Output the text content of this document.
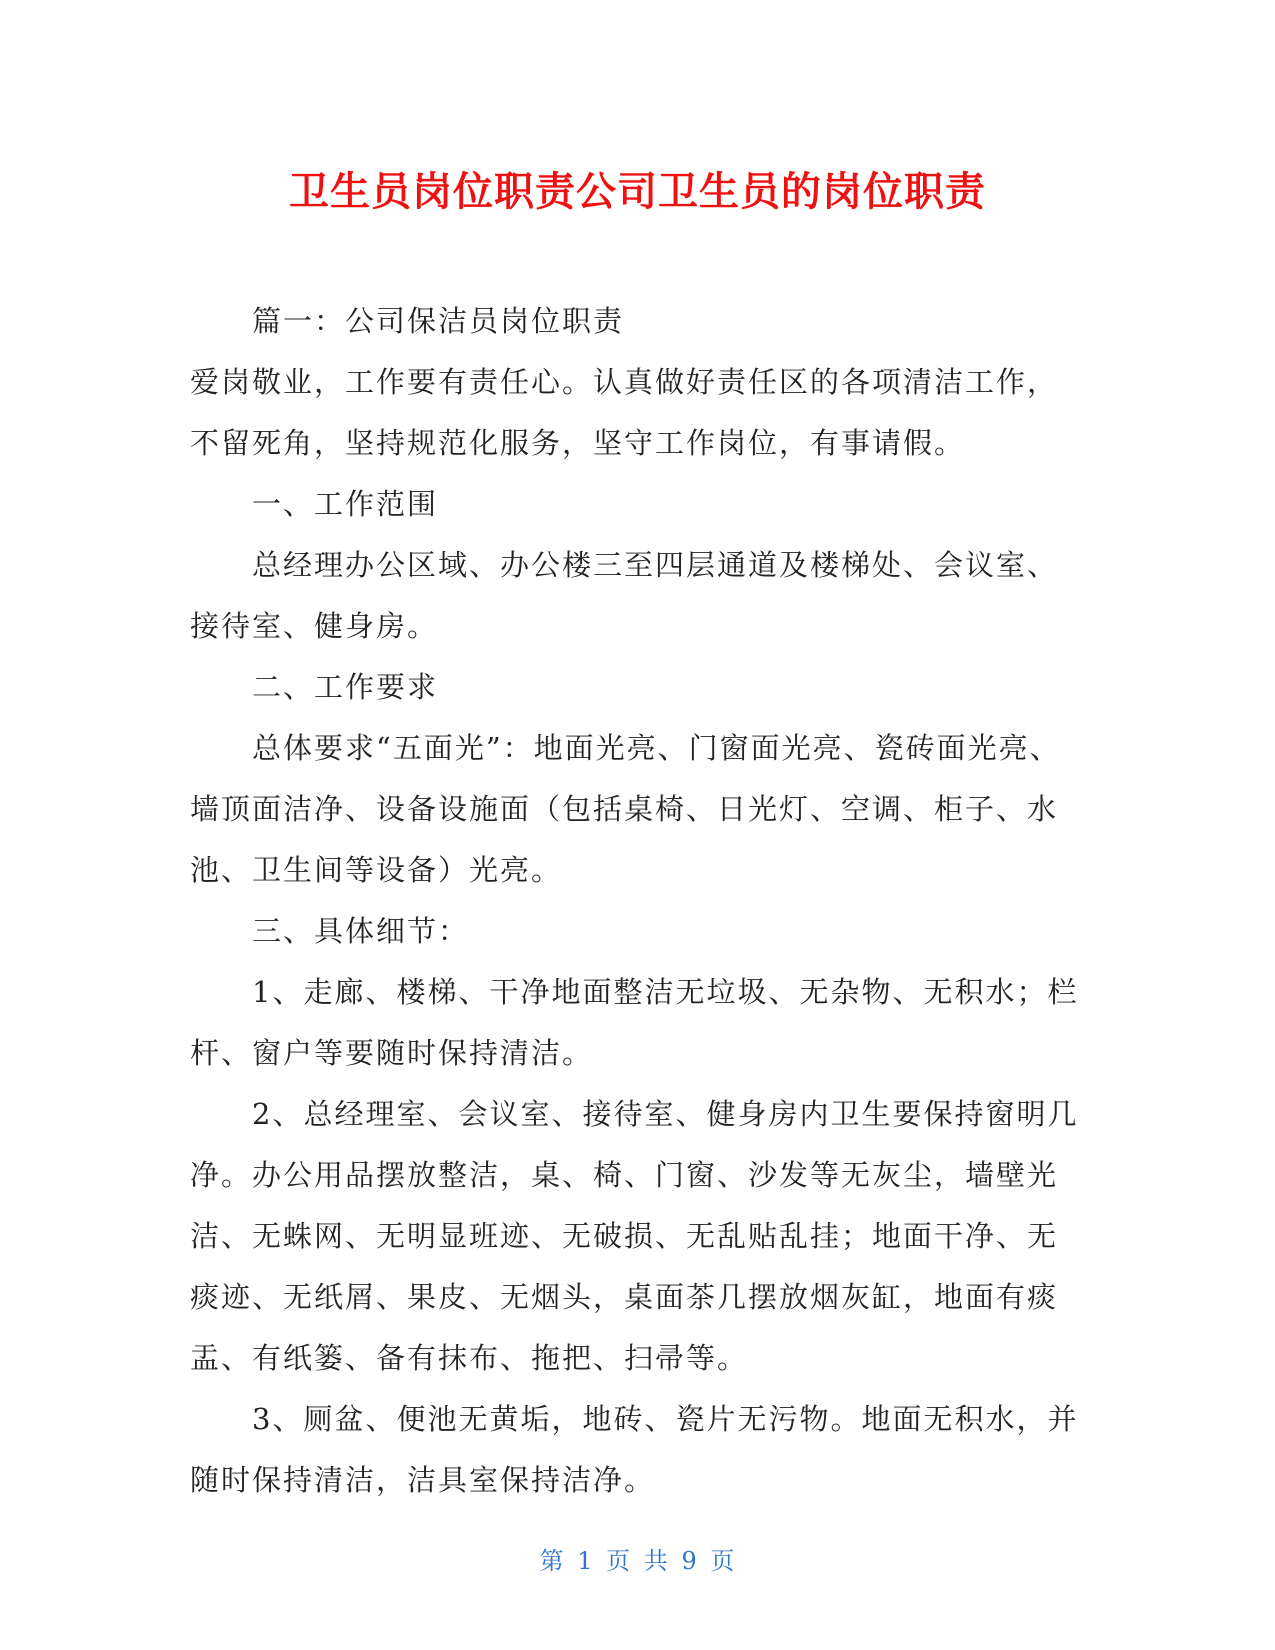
卫生员岗位职责公司卫生员的岗位职责

篇一：公司保洁员岗位职责

爱岗敬业，工作要有责任心。认真做好责任区的各项清洁工作，不留死角，坚持规范化服务，坚守工作岗位，有事请假。

一、工作范围

总经理办公区域、办公楼三至四层通道及楼梯处、会议室、接待室、健身房。

二、工作要求

总体要求“五面光”：地面光亮、门窗面光亮、瓷砖面光亮、墙顶面洁净、设备设施面（包括桌椅、日光灯、空调、柜子、水池、卫生间等设备）光亮。

三、具体细节：

1、走廊、楼梯、干净地面整洁无垃圾、无杂物、无积水；栏杆、窗户等要随时保持清洁。

2、总经理室、会议室、接待室、健身房内卫生要保持窗明几净。办公用品摆放整洁，桌、椅、门窗、沙发等无灰尘，墙壁光洁、无蛛网、无明显班迹、无破损、无乱贴乱挂；地面干净、无痰迹、无纸屑、果皮、无烟头，桌面茶几摆放烟灰缸，地面有痰盂、有纸篓、备有抹布、拖把、扫帚等。

3、厕盆、便池无黄垢，地砖、瓷片无污物。地面无积水，并随时保持清洁，洁具室保持洁净。

第 1 页 共 9 页
